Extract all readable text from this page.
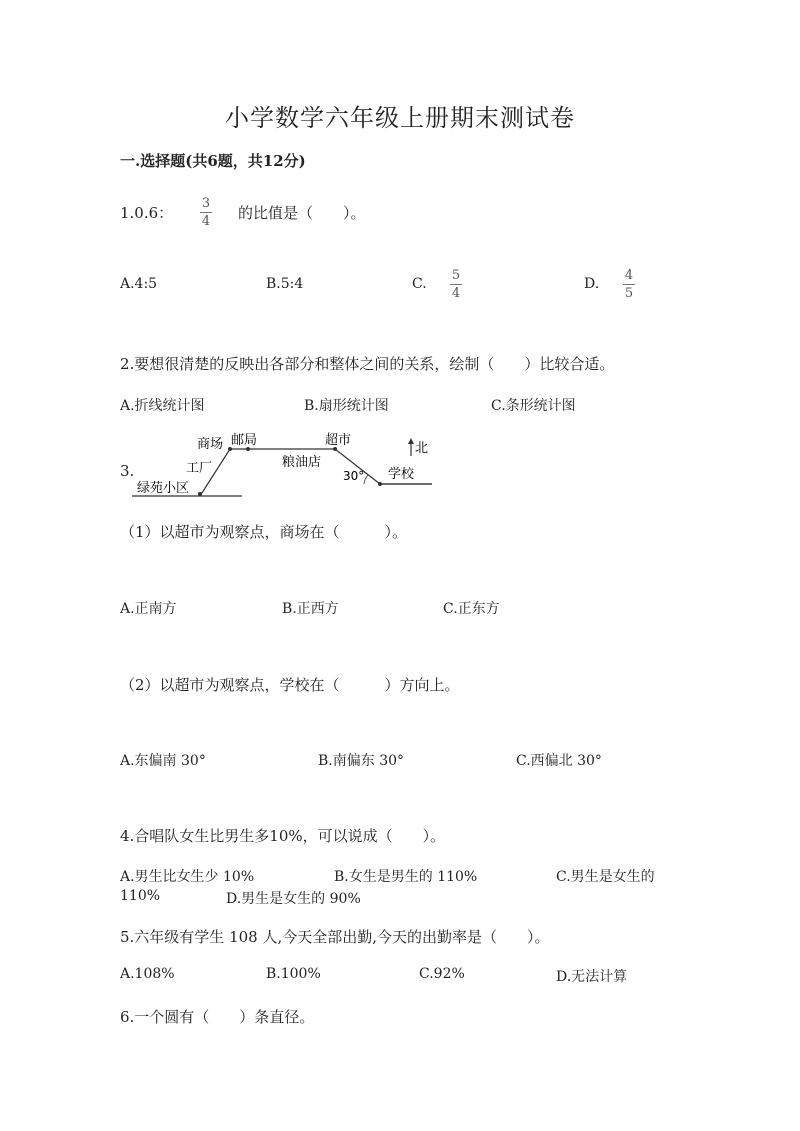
小学数学六年级上册期末测试卷
一.选择题(共6题，共12分)
1.0.6：
3
4 的比值是（　　）。
A.4:5	B.5:4	C.
5
4
D.
4
5
2.要想很清楚的反映出各部分和整体之间的关系，绘制（　　）比较合适。
A.折线统计图	B.扇形统计图	C.条形统计图
3.
商场 邮局	超市
北
工厂	粮油店
30° 学校
绿苑小区
（1）以超市为观察点，商场在（　　　）。
A.正南方	B.正西方	C.正东方
（2）以超市为观察点，学校在（　　　）方向上。
A.东偏南 30°	B.南偏东 30°	C.西偏北 30°
4.合唱队女生比男生多10%，可以说成（　　）。
A.男生比女生少 10%	B.女生是男生的 110%	C.男生是女生的
110%	D.男生是女生的 90%
5.六年级有学生 108 人,今天全部出勤,今天的出勤率是（　　）。
A.108%	B.100%	C.92%	D.无法计算
6.一个圆有（　　）条直径。
